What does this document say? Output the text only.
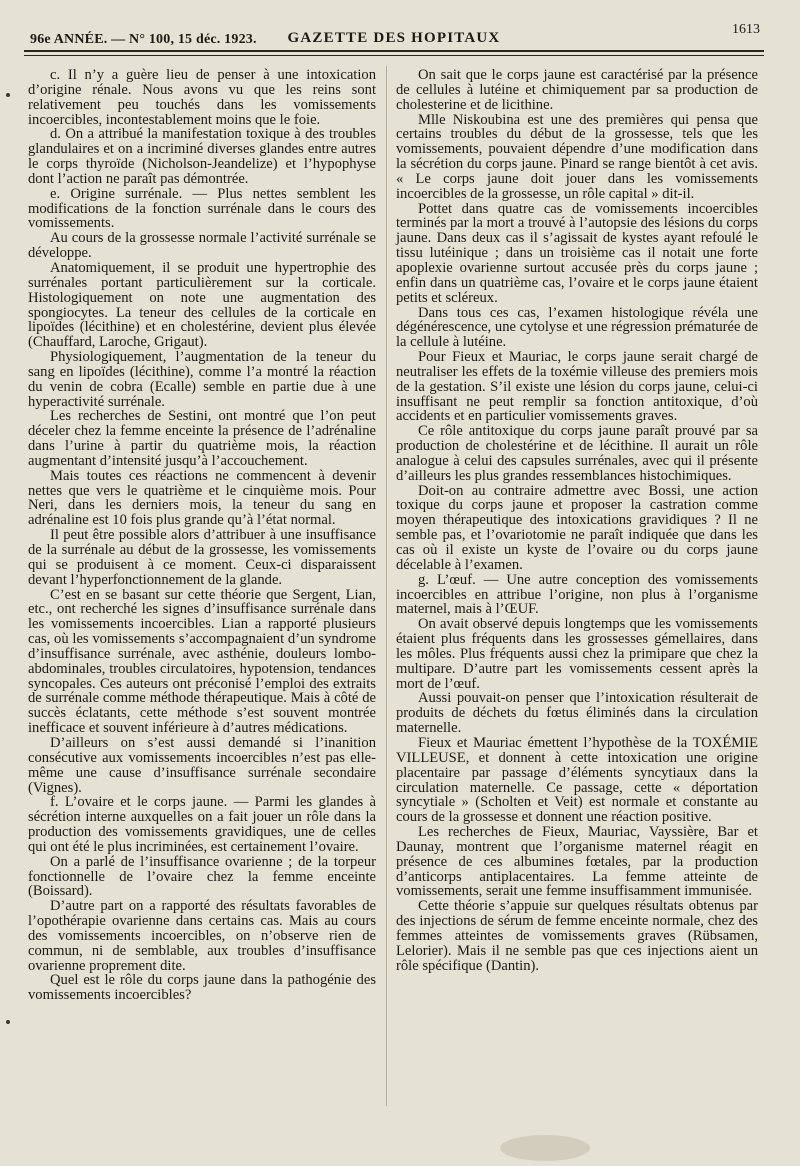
96e ANNÉE. — N° 100, 15 déc. 1923.	GAZETTE DES HOPITAUX
1613

c. Il n’y a guère lieu de penser à une intoxication d’origine rénale. Nous avons vu que les reins sont relativement peu touchés dans les vomissements incoercibles, incontestablement moins que le foie.

d. On a attribué la manifestation toxique à des troubles glandulaires et on a incriminé diverses glandes entre autres le corps thyroïde (Nicholson-Jeandelize) et l’hypophyse dont l’action ne paraît pas démontrée.

e. Origine surrénale. — Plus nettes semblent les modifications de la fonction surrénale dans le cours des vomissements.

Au cours de la grossesse normale l’activité surrénale se développe.

Anatomiquement, il se produit une hypertrophie des surrénales portant particulièrement sur la corticale. Histologiquement on note une augmentation des spongiocytes. La teneur des cellules de la corticale en lipoïdes (lécithine) et en cholestérine, devient plus élevée (Chauffard, Laroche, Grigaut).

Physiologiquement, l’augmentation de la teneur du sang en lipoïdes (lécithine), comme l’a montré la réaction du venin de cobra (Ecalle) semble en partie due à une hyperactivité surrénale.

Les recherches de Sestini, ont montré que l’on peut déceler chez la femme enceinte la présence de l’adrénaline dans l’urine à partir du quatrième mois, la réaction augmentant d’intensité jusqu’à l’accouchement.

Mais toutes ces réactions ne commencent à devenir nettes que vers le quatrième et le cinquième mois. Pour Neri, dans les derniers mois, la teneur du sang en adrénaline est 10 fois plus grande qu’à l’état normal.

Il peut être possible alors d’attribuer à une insuffisance de la surrénale au début de la grossesse, les vomissements qui se produisent à ce moment. Ceux-ci disparaissent devant l’hyperfonctionnement de la glande.

C’est en se basant sur cette théorie que Sergent, Lian, etc., ont recherché les signes d’insuffisance surrénale dans les vomissements incoercibles. Lian a rapporté plusieurs cas, où les vomissements s’accompagnaient d’un syndrome d’insuffisance surrénale, avec asthénie, douleurs lombo-abdominales, troubles circulatoires, hypotension, tendances syncopales. Ces auteurs ont préconisé l’emploi des extraits de surrénale comme méthode thérapeutique. Mais à côté de succès éclatants, cette méthode s’est souvent montrée inefficace et souvent inférieure à d’autres médications.

D’ailleurs on s’est aussi demandé si l’inanition consécutive aux vomissements incoercibles n’est pas elle-même une cause d’insuffisance surrénale secondaire (Vignes).

f. L’ovaire et le corps jaune. — Parmi les glandes à sécrétion interne auxquelles on a fait jouer un rôle dans la production des vomissements gravidiques, une de celles qui ont été le plus incriminées, est certainement l’ovaire.

On a parlé de l’insuffisance ovarienne ; de la torpeur fonctionnelle de l’ovaire chez la femme enceinte (Boissard).

D’autre part on a rapporté des résultats favorables de l’opothérapie ovarienne dans certains cas. Mais au cours des vomissements incoercibles, on n’observe rien de commun, ni de semblable, aux troubles d’insuffisance ovarienne proprement dite.

Quel est le rôle du corps jaune dans la pathogénie des vomissements incoercibles?

On sait que le corps jaune est caractérisé par la présence de cellules à lutéine et chimiquement par sa production de cholesterine et de licithine.

Mlle Niskoubina est une des premières qui pensa que certains troubles du début de la grossesse, tels que les vomissements, pouvaient dépendre d’une modification dans la sécrétion du corps jaune. Pinard se range bientôt à cet avis. « Le corps jaune doit jouer dans les vomissements incoercibles de la grossesse, un rôle capital » dit-il.

Pottet dans quatre cas de vomissements incoercibles terminés par la mort a trouvé à l’autopsie des lésions du corps jaune. Dans deux cas il s’agissait de kystes ayant refoulé le tissu lutéinique ; dans un troisième cas il notait une forte apoplexie ovarienne surtout accusée près du corps jaune ; enfin dans un quatrième cas, l’ovaire et le corps jaune étaient petits et scléreux.

Dans tous ces cas, l’examen histologique révéla une dégénérescence, une cytolyse et une régression prématurée de la cellule à lutéine.

Pour Fieux et Mauriac, le corps jaune serait chargé de neutraliser les effets de la toxémie villeuse des premiers mois de la gestation. S’il existe une lésion du corps jaune, celui-ci insuffisant ne peut remplir sa fonction antitoxique, d’où accidents et en particulier vomissements graves.

Ce rôle antitoxique du corps jaune paraît prouvé par sa production de cholestérine et de lécithine. Il aurait un rôle analogue à celui des capsules surrénales, avec qui il présente d’ailleurs les plus grandes ressemblances histochimiques.

Doit-on au contraire admettre avec Bossi, une action toxique du corps jaune et proposer la castration comme moyen thérapeutique des intoxications gravidiques ? Il ne semble pas, et l’ovariotomie ne paraît indiquée que dans les cas où il existe un kyste de l’ovaire ou du corps jaune décelable à l’examen.

g. L’œuf. — Une autre conception des vomissements incoercibles en attribue l’origine, non plus à l’organisme maternel, mais à l’ŒUF.

On avait observé depuis longtemps que les vomissements étaient plus fréquents dans les grossesses gémellaires, dans les môles. Plus fréquents aussi chez la primipare que chez la multipare. D’autre part les vomissements cessent après la mort de l’œuf.

Aussi pouvait-on penser que l’intoxication résulterait de produits de déchets du fœtus éliminés dans la circulation maternelle.

Fieux et Mauriac émettent l’hypothèse de la TOXÉMIE VILLEUSE, et donnent à cette intoxication une origine placentaire par passage d’éléments syncytiaux dans la circulation maternelle. Ce passage, cette « déportation syncytiale » (Scholten et Veit) est normale et constante au cours de la grossesse et donnent une réaction positive.

Les recherches de Fieux, Mauriac, Vayssière, Bar et Daunay, montrent que l’organisme maternel réagit en présence de ces albumines fœtales, par la production d’anticorps antiplacentaires. La femme atteinte de vomissements, serait une femme insuffisamment immunisée.

Cette théorie s’appuie sur quelques résultats obtenus par des injections de sérum de femme enceinte normale, chez des femmes atteintes de vomissements graves (Rübsamen, Lelorier). Mais il ne semble pas que ces injections aient un rôle spécifique (Dantin).
